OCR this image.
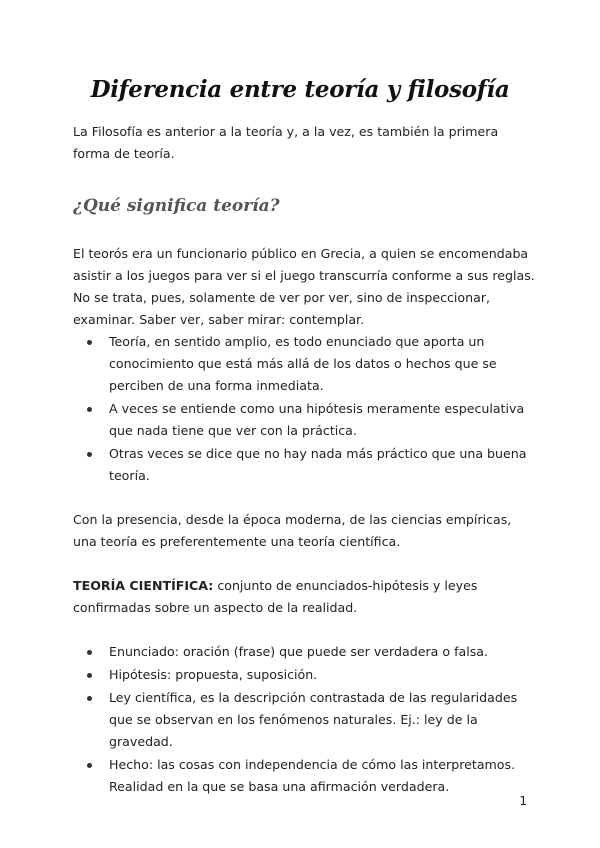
Diferencia entre teoría y filosofía

La Filosofía es anterior a la teoría y, a la vez, es también la primera forma de teoría.

¿Qué significa teoría?

El teorós era un funcionario público en Grecia, a quien se encomendaba asistir a los juegos para ver si el juego transcurría conforme a sus reglas. No se trata, pues, solamente de ver por ver, sino de inspeccionar, examinar. Saber ver, saber mirar: contemplar.

Teoría, en sentido amplio, es todo enunciado que aporta un conocimiento que está más allá de los datos o hechos que se perciben de una forma inmediata.
A veces se entiende como una hipótesis meramente especulativa que nada tiene que ver con la práctica.
Otras veces se dice que no hay nada más práctico que una buena teoría.

Con la presencia, desde la época moderna, de las ciencias empíricas, una teoría es preferentemente una teoría científica.

TEORÍA CIENTÍFICA: conjunto de enunciados-hipótesis y leyes confirmadas sobre un aspecto de la realidad.

Enunciado: oración (frase) que puede ser verdadera o falsa.
Hipótesis: propuesta, suposición.
Ley científica, es la descripción contrastada de las regularidades que se observan en los fenómenos naturales. Ej.: ley de la gravedad.
Hecho: las cosas con independencia de cómo las interpretamos. Realidad en la que se basa una afirmación verdadera.
1
